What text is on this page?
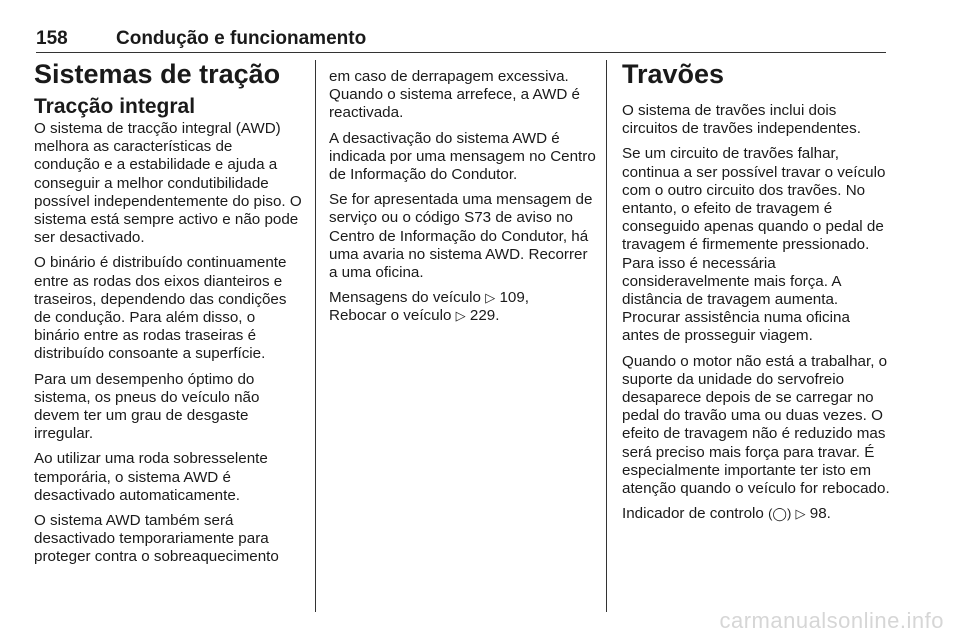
158	Condução e funcionamento
Sistemas de tração
Tracção integral

O sistema de tracção integral (AWD) melhora as características de condução e a estabilidade e ajuda a conseguir a melhor condutibilidade possível independentemente do piso. O sistema está sempre activo e não pode ser desactivado.

O binário é distribuído continuamente entre as rodas dos eixos dianteiros e traseiros, dependendo das condições de condução. Para além disso, o binário entre as rodas traseiras é distribuído consoante a superfície.

Para um desempenho óptimo do sistema, os pneus do veículo não devem ter um grau de desgaste irregular.

Ao utilizar uma roda sobresselente temporária, o sistema AWD é desactivado automaticamente.

O sistema AWD também será desactivado temporariamente para proteger contra o sobreaquecimento

em caso de derrapagem excessiva. Quando o sistema arrefece, a AWD é reactivada.

A desactivação do sistema AWD é indicada por uma mensagem no Centro de Informação do Condutor.

Se for apresentada uma mensagem de serviço ou o código S73 de aviso no Centro de Informação do Condutor, há uma avaria no sistema AWD. Recorrer a uma oficina.

Mensagens do veículo ▷ 109,
Rebocar o veículo ▷ 229.

Travões

O sistema de travões inclui dois circuitos de travões independentes.

Se um circuito de travões falhar, continua a ser possível travar o veículo com o outro circuito dos travões. No entanto, o efeito de travagem é conseguido apenas quando o pedal de travagem é firmemente pressionado. Para isso é necessária consideravelmente mais força. A distância de travagem aumenta. Procurar assistência numa oficina antes de prosseguir viagem.

Quando o motor não está a trabalhar, o suporte da unidade do servofreio desaparece depois de se carregar no pedal do travão uma ou duas vezes. O efeito de travagem não é reduzido mas será preciso mais força para travar. É especialmente importante ter isto em atenção quando o veículo for rebocado.

Indicador de controlo (◯) ▷ 98.

carmanualsonline.info
